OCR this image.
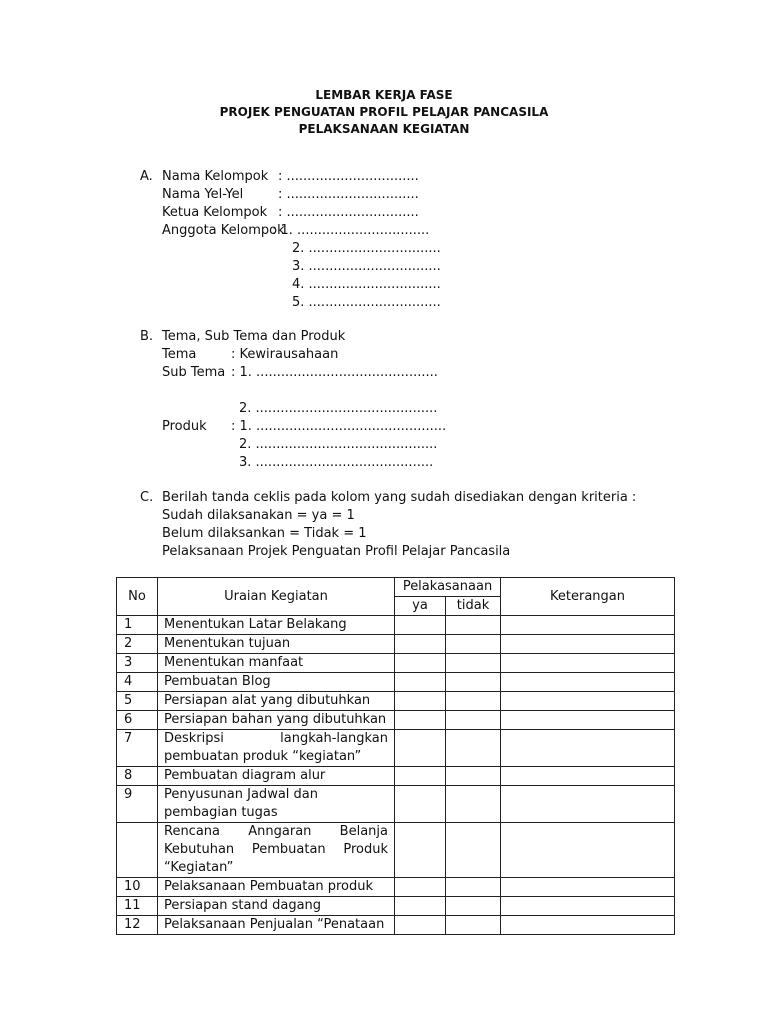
LEMBAR KERJA FASE
PROJEK PENGUATAN PROFIL PELAJAR PANCASILA
PELAKSANAAN KEGIATAN
A. Nama Kelompok : ................................
Nama Yel-Yel	: ................................
Ketua Kelompok : ................................
Anggota Kelompok
: 1. ................................
2. ................................
3. ................................
4. ................................
5. ................................
B. Tema, Sub Tema dan Produk
Tema	: Kewirausahaan
Sub Tema : 1. ............................................
2. ............................................
Produk : 1. ..............................................
2. ............................................
3. ...........................................
C. Berilah tanda ceklis pada kolom yang sudah disediakan dengan kriteria :
Sudah dilaksanakan = ya = 1
Belum dilaksankan = Tidak = 1
Pelaksanaan Projek Penguatan Profil Pelajar Pancasila
No	Uraian Kegiatan	Pelakasanaan		Keterangan
		ya	tidak	
1	Menentukan Latar Belakang			
2	Menentukan tujuan			
3	Menentukan manfaat			
4	Pembuatan Blog			
5	Persiapan alat yang dibutuhkan			
6	Persiapan bahan yang dibutuhkan			
7	Deskripsi langkah-langkan pembuatan produk “kegiatan”			
8	Pembuatan diagram alur			
9	Penyusunan Jadwal dan pembagian tugas			
	Rencana Anngaran Belanja Kebutuhan Pembuatan Produk “Kegiatan”			
10	Pelaksanaan Pembuatan produk			
11	Persiapan stand dagang			
12	Pelaksanaan Penjualan “Penataan			
